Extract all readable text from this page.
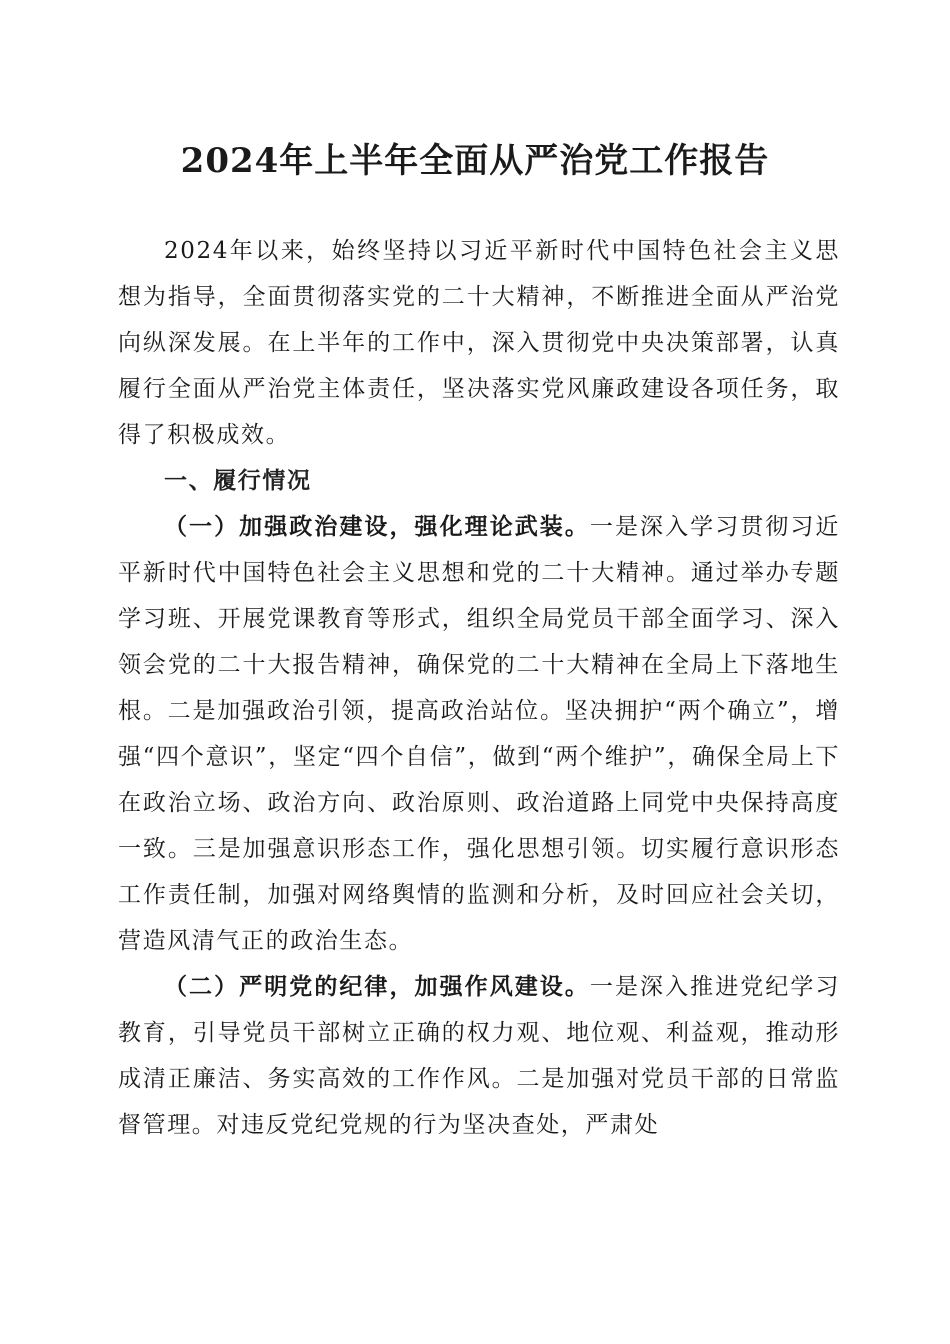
2024年上半年全面从严治党工作报告

2024年以来，始终坚持以习近平新时代中国特色社会主义思想为指导，全面贯彻落实党的二十大精神，不断推进全面从严治党向纵深发展。在上半年的工作中，深入贯彻党中央决策部署，认真履行全面从严治党主体责任，坚决落实党风廉政建设各项任务，取得了积极成效。

一、履行情况

（一）加强政治建设，强化理论武装。一是深入学习贯彻习近平新时代中国特色社会主义思想和党的二十大精神。通过举办专题学习班、开展党课教育等形式，组织全局党员干部全面学习、深入领会党的二十大报告精神，确保党的二十大精神在全局上下落地生根。二是加强政治引领，提高政治站位。坚决拥护“两个确立”，增强“四个意识”，坚定“四个自信”，做到“两个维护”，确保全局上下在政治立场、政治方向、政治原则、政治道路上同党中央保持高度一致。三是加强意识形态工作，强化思想引领。切实履行意识形态工作责任制，加强对网络舆情的监测和分析，及时回应社会关切，营造风清气正的政治生态。

（二）严明党的纪律，加强作风建设。一是深入推进党纪学习教育，引导党员干部树立正确的权力观、地位观、利益观，推动形成清正廉洁、务实高效的工作作风。二是加强对党员干部的日常监督管理。对违反党纪党规的行为坚决查处，严肃处
